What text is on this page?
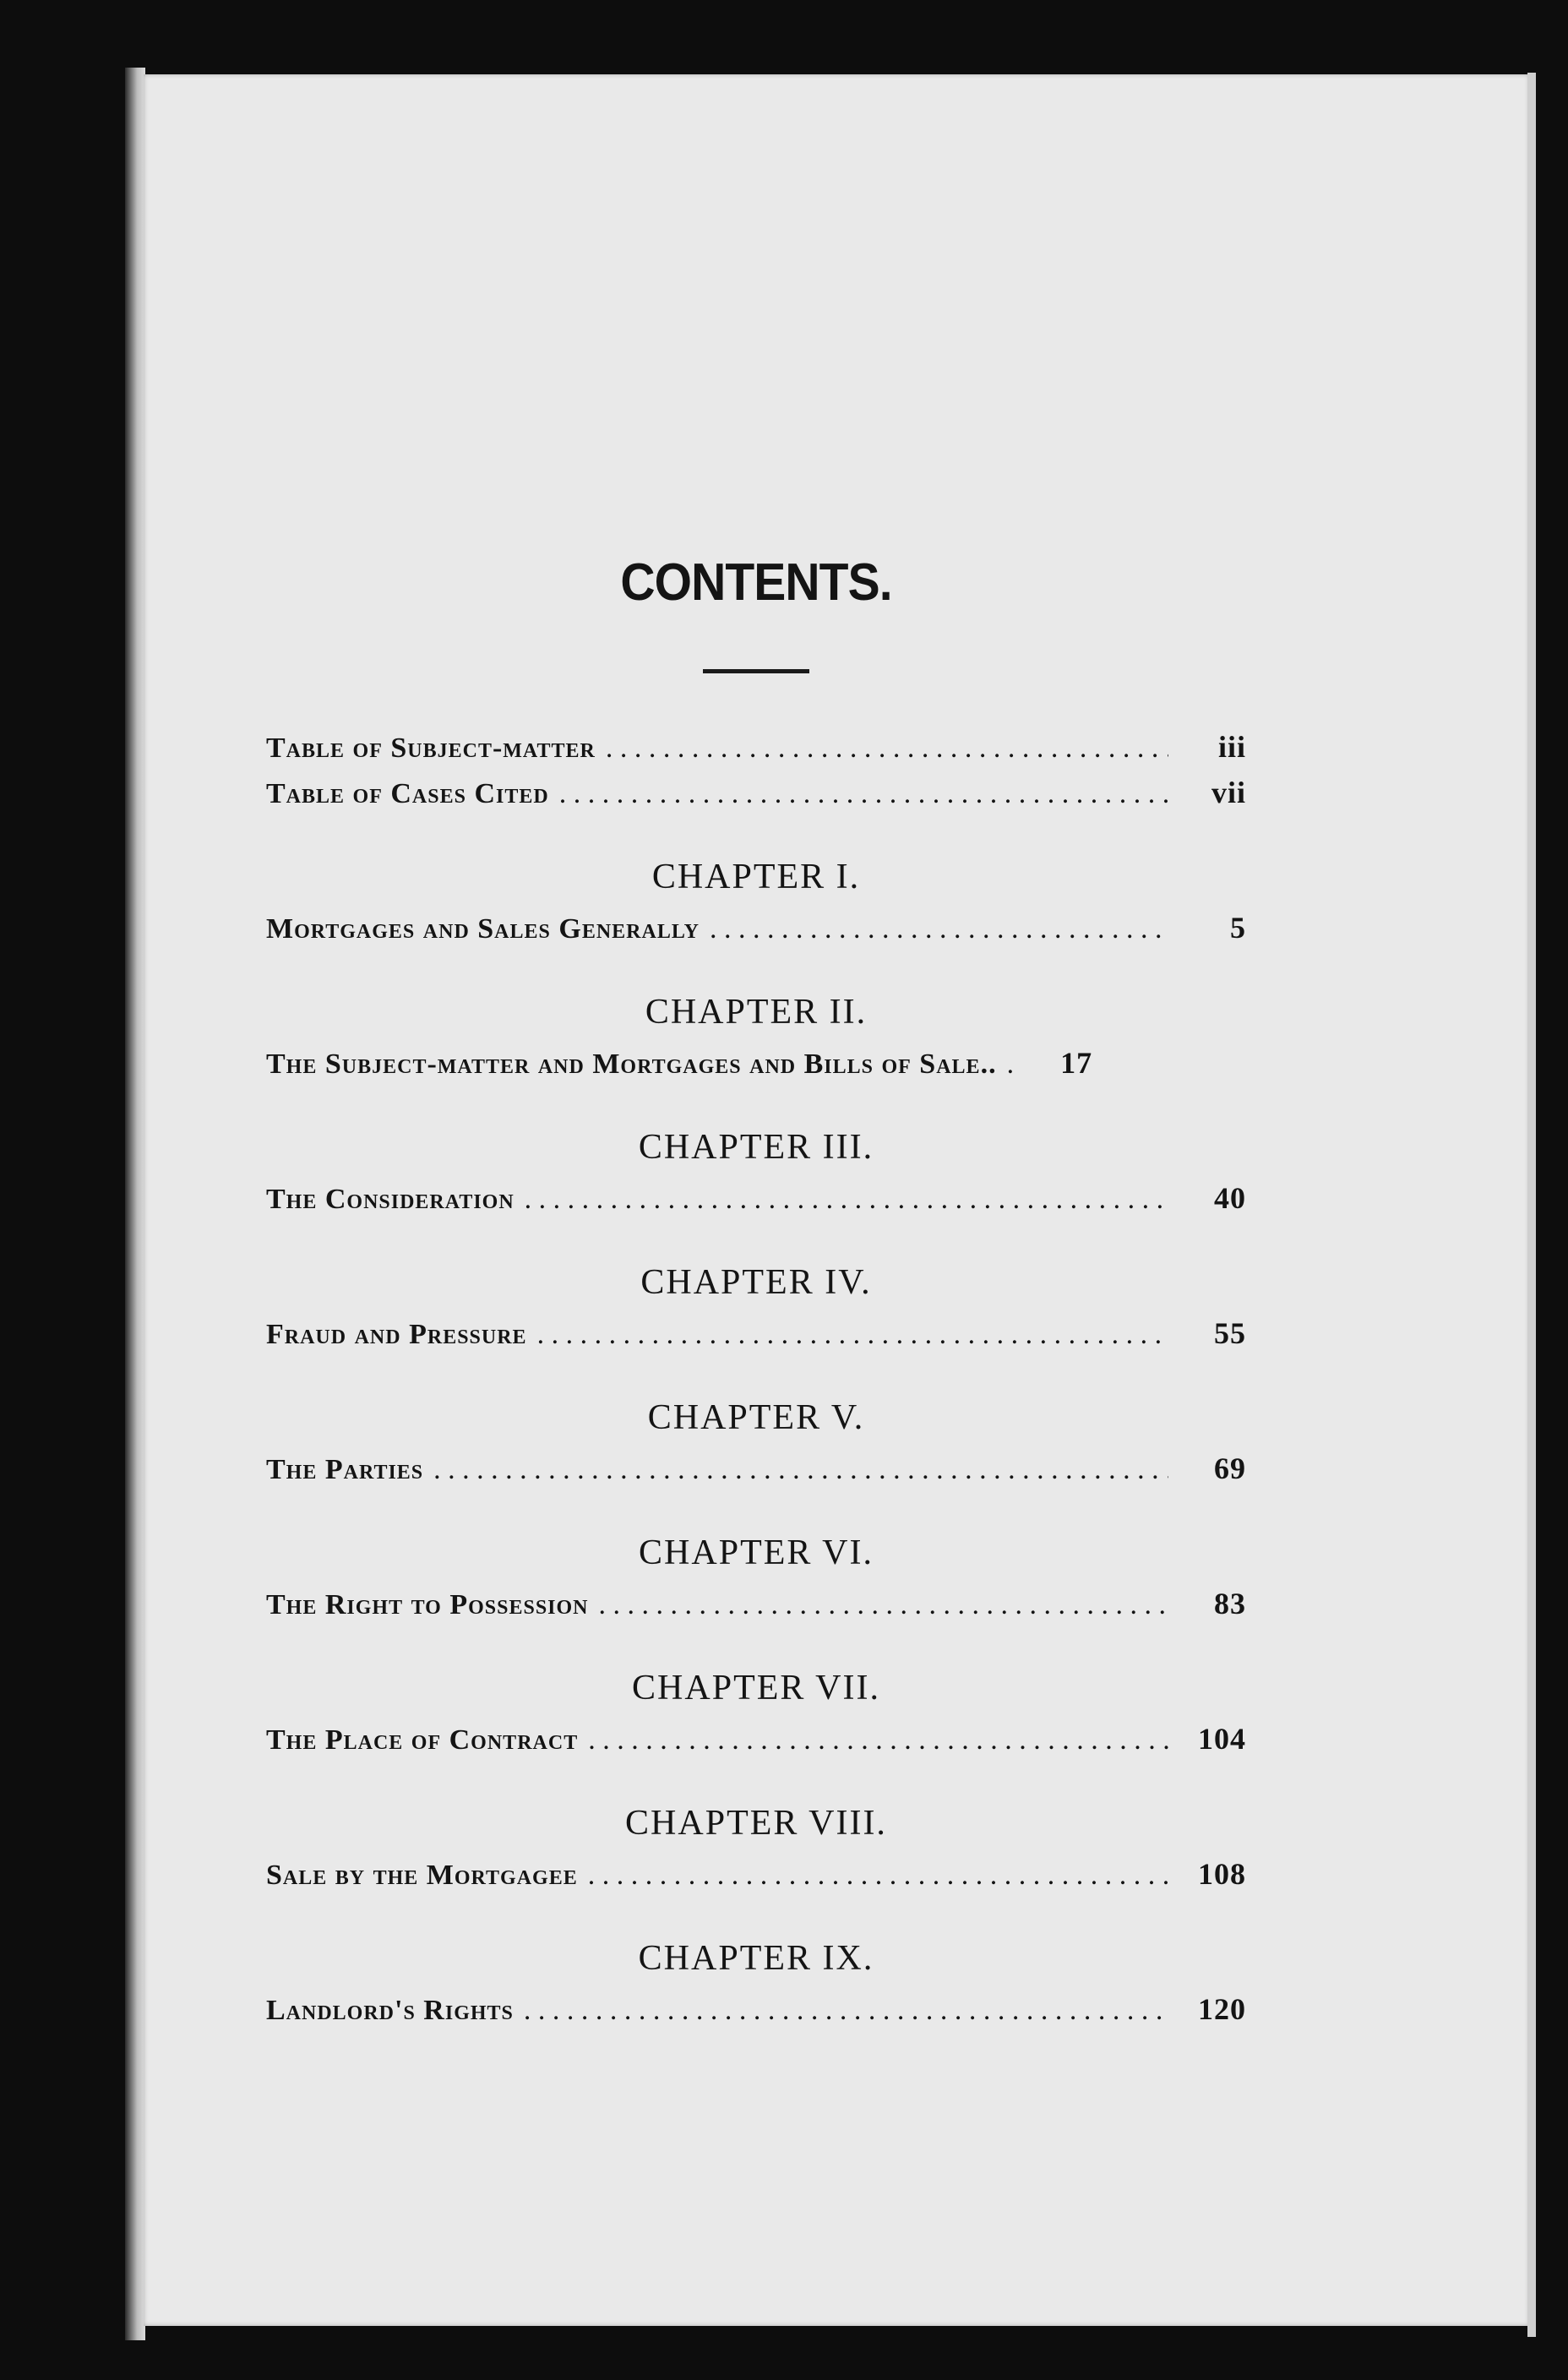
CONTENTS.
Table of Subject-matter . . .	iii
Table of Cases Cited . . .	vii
CHAPTER I.
Mortgages and Sales Generally . . .	5
CHAPTER II.
The Subject-matter and Mortgages and Bills of Sale.. . . .	17
CHAPTER III.
The Consideration . . .	40
CHAPTER IV.
Fraud and Pressure . . .	55
CHAPTER V.
The Parties . . .	69
CHAPTER VI.
The Right to Possession . . .	83
CHAPTER VII.
The Place of Contract . . .	104
CHAPTER VIII.
Sale by the Mortgagee . . .	108
CHAPTER IX.
Landlord's Rights . . .	120
